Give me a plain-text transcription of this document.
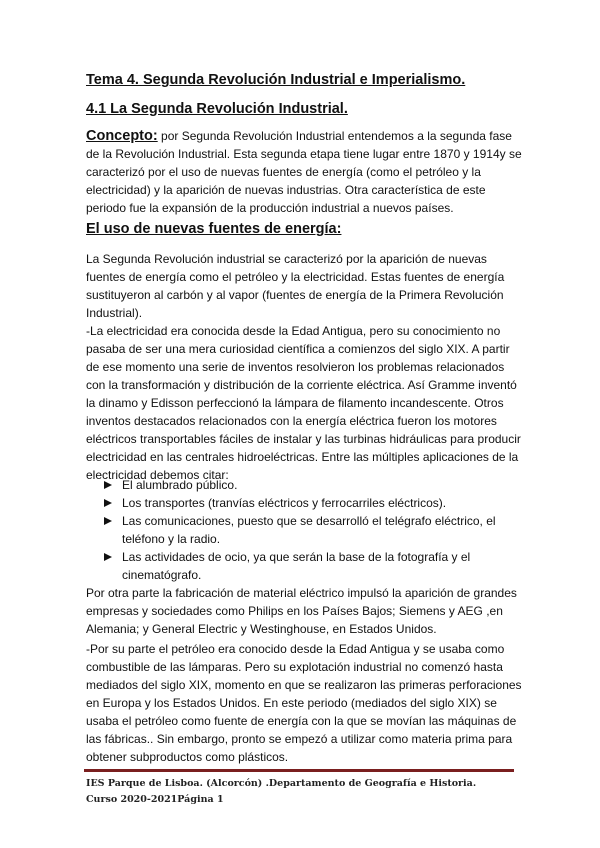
Tema 4. Segunda Revolución Industrial e Imperialismo.
4.1 La Segunda Revolución Industrial.

Concepto: por Segunda Revolución Industrial entendemos a la segunda fase de la Revolución Industrial. Esta segunda etapa tiene lugar entre 1870 y 1914y se caracterizó por el uso de nuevas fuentes de energía (como el petróleo y la electricidad) y la aparición de nuevas industrias. Otra característica de este periodo fue la expansión de la producción industrial a nuevos países.

El uso de nuevas fuentes de energía:

La Segunda Revolución industrial se caracterizó por la aparición de nuevas fuentes de energía como el petróleo y la electricidad. Estas fuentes de energía sustituyeron al carbón y al vapor (fuentes de energía de la Primera Revolución Industrial).

-La electricidad era conocida desde la Edad Antigua, pero su conocimiento no pasaba de ser una mera curiosidad científica a comienzos del siglo XIX. A partir de ese momento una serie de inventos resolvieron los problemas relacionados con la transformación y distribución de la corriente eléctrica. Así Gramme inventó la dinamo y Edisson perfeccionó la lámpara de filamento incandescente. Otros inventos destacados relacionados con la energía eléctrica fueron los motores eléctricos transportables fáciles de instalar y las turbinas hidráulicas para producir electricidad en las centrales hidroeléctricas. Entre las múltiples aplicaciones de la electricidad debemos citar:

El alumbrado público.
Los transportes (tranvías eléctricos y ferrocarriles eléctricos).
Las comunicaciones, puesto que se desarrolló el telégrafo eléctrico, el teléfono y la radio.
Las actividades de ocio, ya que serán la base de la fotografía y el cinematógrafo.

Por otra parte la fabricación de material eléctrico impulsó la aparición de grandes empresas y sociedades como Philips en los Países Bajos; Siemens y AEG ,en Alemania; y General Electric y Westinghouse, en Estados Unidos.

-Por su parte el petróleo era conocido desde la Edad Antigua y se usaba como combustible de las lámparas. Pero su explotación industrial no comenzó hasta mediados del siglo XIX, momento en que se realizaron las primeras perforaciones en Europa y los Estados Unidos. En este periodo (mediados del siglo XIX) se usaba el petróleo como fuente de energía con la que se movían las máquinas de las fábricas.. Sin embargo, pronto se empezó a utilizar como materia prima para obtener subproductos como plásticos.

IES Parque de Lisboa. (Alcorcón) .Departamento de Geografía e Historia. Curso 2020-2021Página 1
